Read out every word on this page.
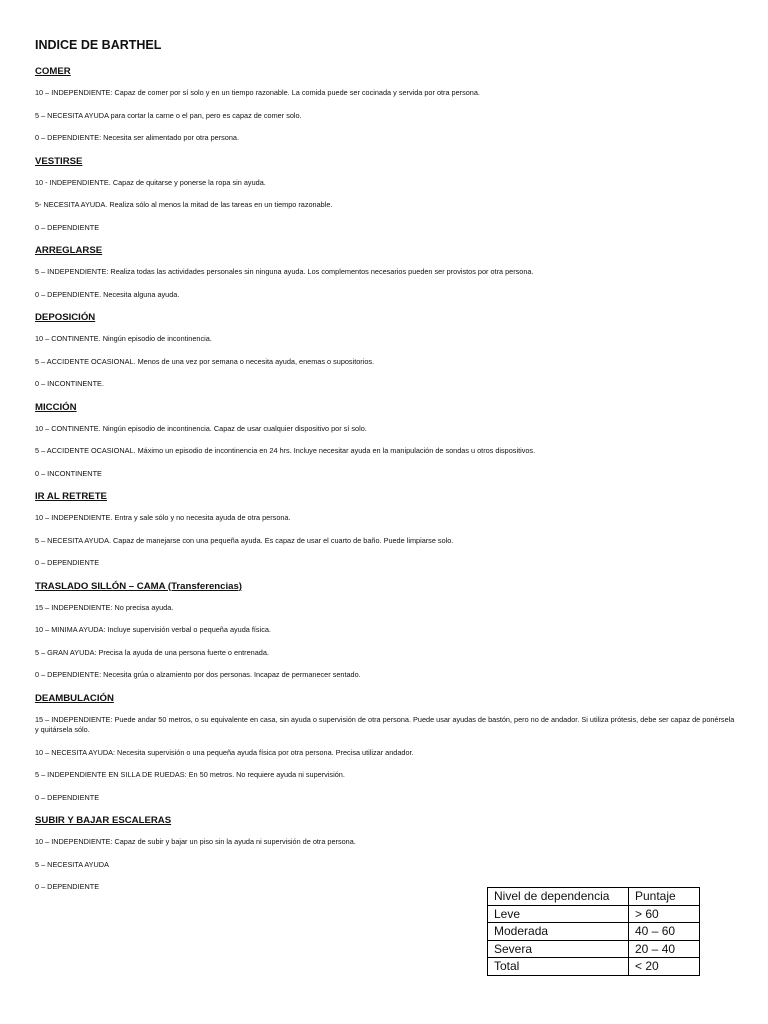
INDICE DE BARTHEL
COMER
10 – INDEPENDIENTE: Capaz de comer por sí solo y en un tiempo razonable. La comida puede ser cocinada y servida por otra persona.
5 – NECESITA AYUDA para cortar la carne o el pan, pero es capaz de comer solo.
0 – DEPENDIENTE: Necesita ser alimentado por otra persona.
VESTIRSE
10 - INDEPENDIENTE. Capaz de quitarse y ponerse la ropa sin ayuda.
5- NECESITA AYUDA. Realiza sólo al menos la mitad de las tareas en un tiempo razonable.
0 – DEPENDIENTE
ARREGLARSE
5 – INDEPENDIENTE: Realiza todas las actividades personales sin ninguna ayuda. Los complementos necesarios pueden ser provistos por otra persona.
0 – DEPENDIENTE. Necesita alguna ayuda.
DEPOSICIÓN
10 – CONTINENTE. Ningún episodio de incontinencia.
5 – ACCIDENTE OCASIONAL. Menos de una vez por semana o necesita ayuda, enemas o supositorios.
0 – INCONTINENTE.
MICCIÓN
10 – CONTINENTE. Ningún episodio de incontinencia. Capaz de usar cualquier dispositivo por sí solo.
5 – ACCIDENTE OCASIONAL. Máximo un episodio de incontinencia en 24 hrs. Incluye necesitar ayuda en la manipulación de sondas u otros dispositivos.
0 – INCONTINENTE
IR AL RETRETE
10 – INDEPENDIENTE. Entra y sale sólo y no necesita ayuda de otra persona.
5 – NECESITA AYUDA. Capaz de manejarse con una pequeña ayuda. Es capaz de usar el cuarto de baño. Puede limpiarse solo.
0 – DEPENDIENTE
TRASLADO SILLÓN – CAMA (Transferencias)
15 – INDEPENDIENTE: No precisa ayuda.
10 – MINIMA AYUDA: Incluye supervisión verbal o pequeña ayuda física.
5 – GRAN AYUDA: Precisa la ayuda de una persona fuerte o entrenada.
0 – DEPENDIENTE: Necesita grúa o alzamiento por dos personas. Incapaz de permanecer sentado.
DEAMBULACIÓN
15 – INDEPENDIENTE: Puede andar 50 metros, o su equivalente en casa, sin ayuda o supervisión de otra persona. Puede usar ayudas de bastón, pero no de andador. Si utiliza prótesis, debe ser capaz de ponérsela y quitársela sólo.
10 – NECESITA AYUDA: Necesita supervisión o una pequeña ayuda física por otra persona. Precisa utilizar andador.
5 – INDEPENDIENTE EN SILLA DE RUEDAS: En 50 metros. No requiere ayuda ni supervisión.
0 – DEPENDIENTE
SUBIR Y BAJAR ESCALERAS
10 – INDEPENDIENTE: Capaz de subir y bajar un piso sin la ayuda ni supervisión de otra persona.
5 – NECESITA AYUDA
0 – DEPENDIENTE
Nivel de dependencia	Puntaje
Leve	> 60
Moderada	40 – 60
Severa	20 – 40
Total	< 20
